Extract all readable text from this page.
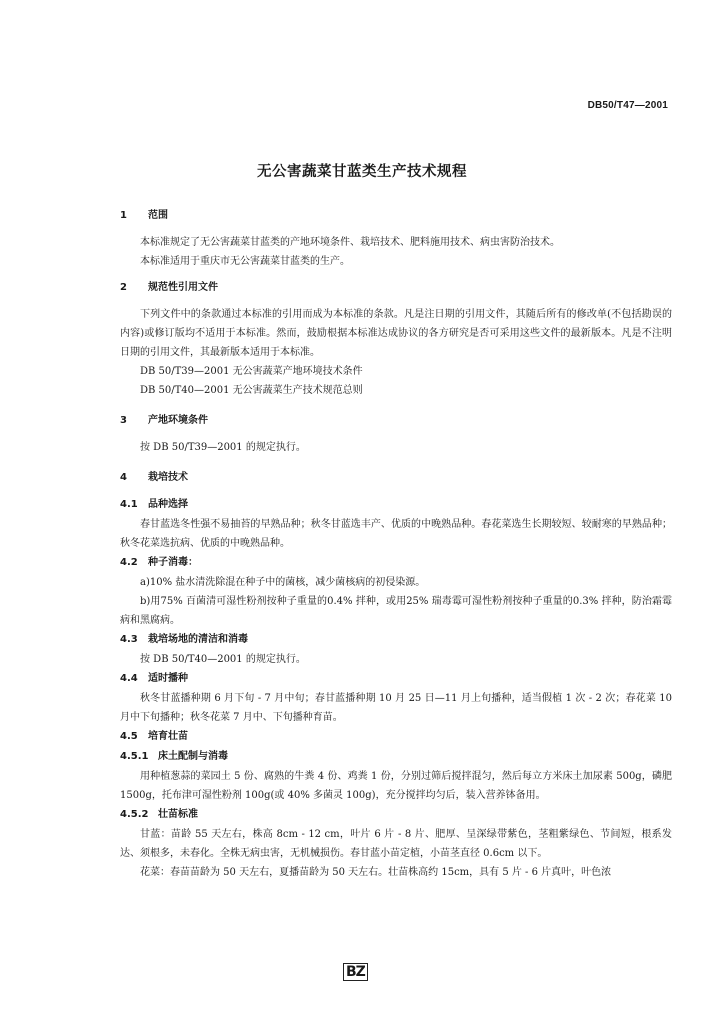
DB50/T47—2001
无公害蔬菜甘蓝类生产技术规程
1 范围
本标准规定了无公害蔬菜甘蓝类的产地环境条件、栽培技术、肥料施用技术、病虫害防治技术。
本标准适用于重庆市无公害蔬菜甘蓝类的生产。
2 规范性引用文件
下列文件中的条款通过本标准的引用而成为本标准的条款。凡是注日期的引用文件，其随后所有的修改单(不包括勘误的内容)或修订版均不适用于本标准。然而，鼓励根据本标准达成协议的各方研究是否可采用这些文件的最新版本。凡是不注明日期的引用文件，其最新版本适用于本标准。
DB 50/T39—2001 无公害蔬菜产地环境技术条件
DB 50/T40—2001 无公害蔬菜生产技术规范总则
3 产地环境条件
按 DB 50/T39—2001 的规定执行。
4 栽培技术
4.1 品种选择
春甘蓝选冬性强不易抽苔的早熟品种；秋冬甘蓝选丰产、优质的中晚熟品种。春花菜选生长期较短、较耐寒的早熟品种；秋冬花菜选抗病、优质的中晚熟品种。
4.2 种子消毒：
a)10% 盐水清洗除混在种子中的菌核，减少菌核病的初侵染源。
b)用75% 百菌清可湿性粉剂按种子重量的0.4% 拌种，或用25% 瑞毒霉可湿性粉剂按种子重量的0.3% 拌种，防治霜霉病和黑腐病。
4.3 栽培场地的清洁和消毒
按 DB 50/T40—2001 的规定执行。
4.4 适时播种
秋冬甘蓝播种期 6 月下旬 - 7 月中旬；春甘蓝播种期 10 月 25 日—11 月上旬播种，适当假植 1 次 - 2 次；春花菜 10 月中下旬播种；秋冬花菜 7 月中、下旬播种育苗。
4.5 培育壮苗
4.5.1 床土配制与消毒
用种植葱蒜的菜园土 5 份、腐熟的牛粪 4 份、鸡粪 1 份，分别过筛后搅拌混匀，然后每立方米床土加尿素 500g，磷肥 1500g，托布津可湿性粉剂 100g(或 40% 多菌灵 100g)，充分搅拌均匀后，装入营养钵备用。
4.5.2 壮苗标准
甘蓝：苗龄 55 天左右，株高 8cm - 12 cm，叶片 6 片 - 8 片、肥厚、呈深绿带紫色，茎粗紫绿色、节间短，根系发达、须根多，未春化。全株无病虫害，无机械损伤。春甘蓝小苗定植，小苗茎直径 0.6cm 以下。
花菜：春苗苗龄为 50 天左右，夏播苗龄为 50 天左右。壮苗株高约 15cm，具有 5 片 - 6 片真叶，叶色浓
BZ
